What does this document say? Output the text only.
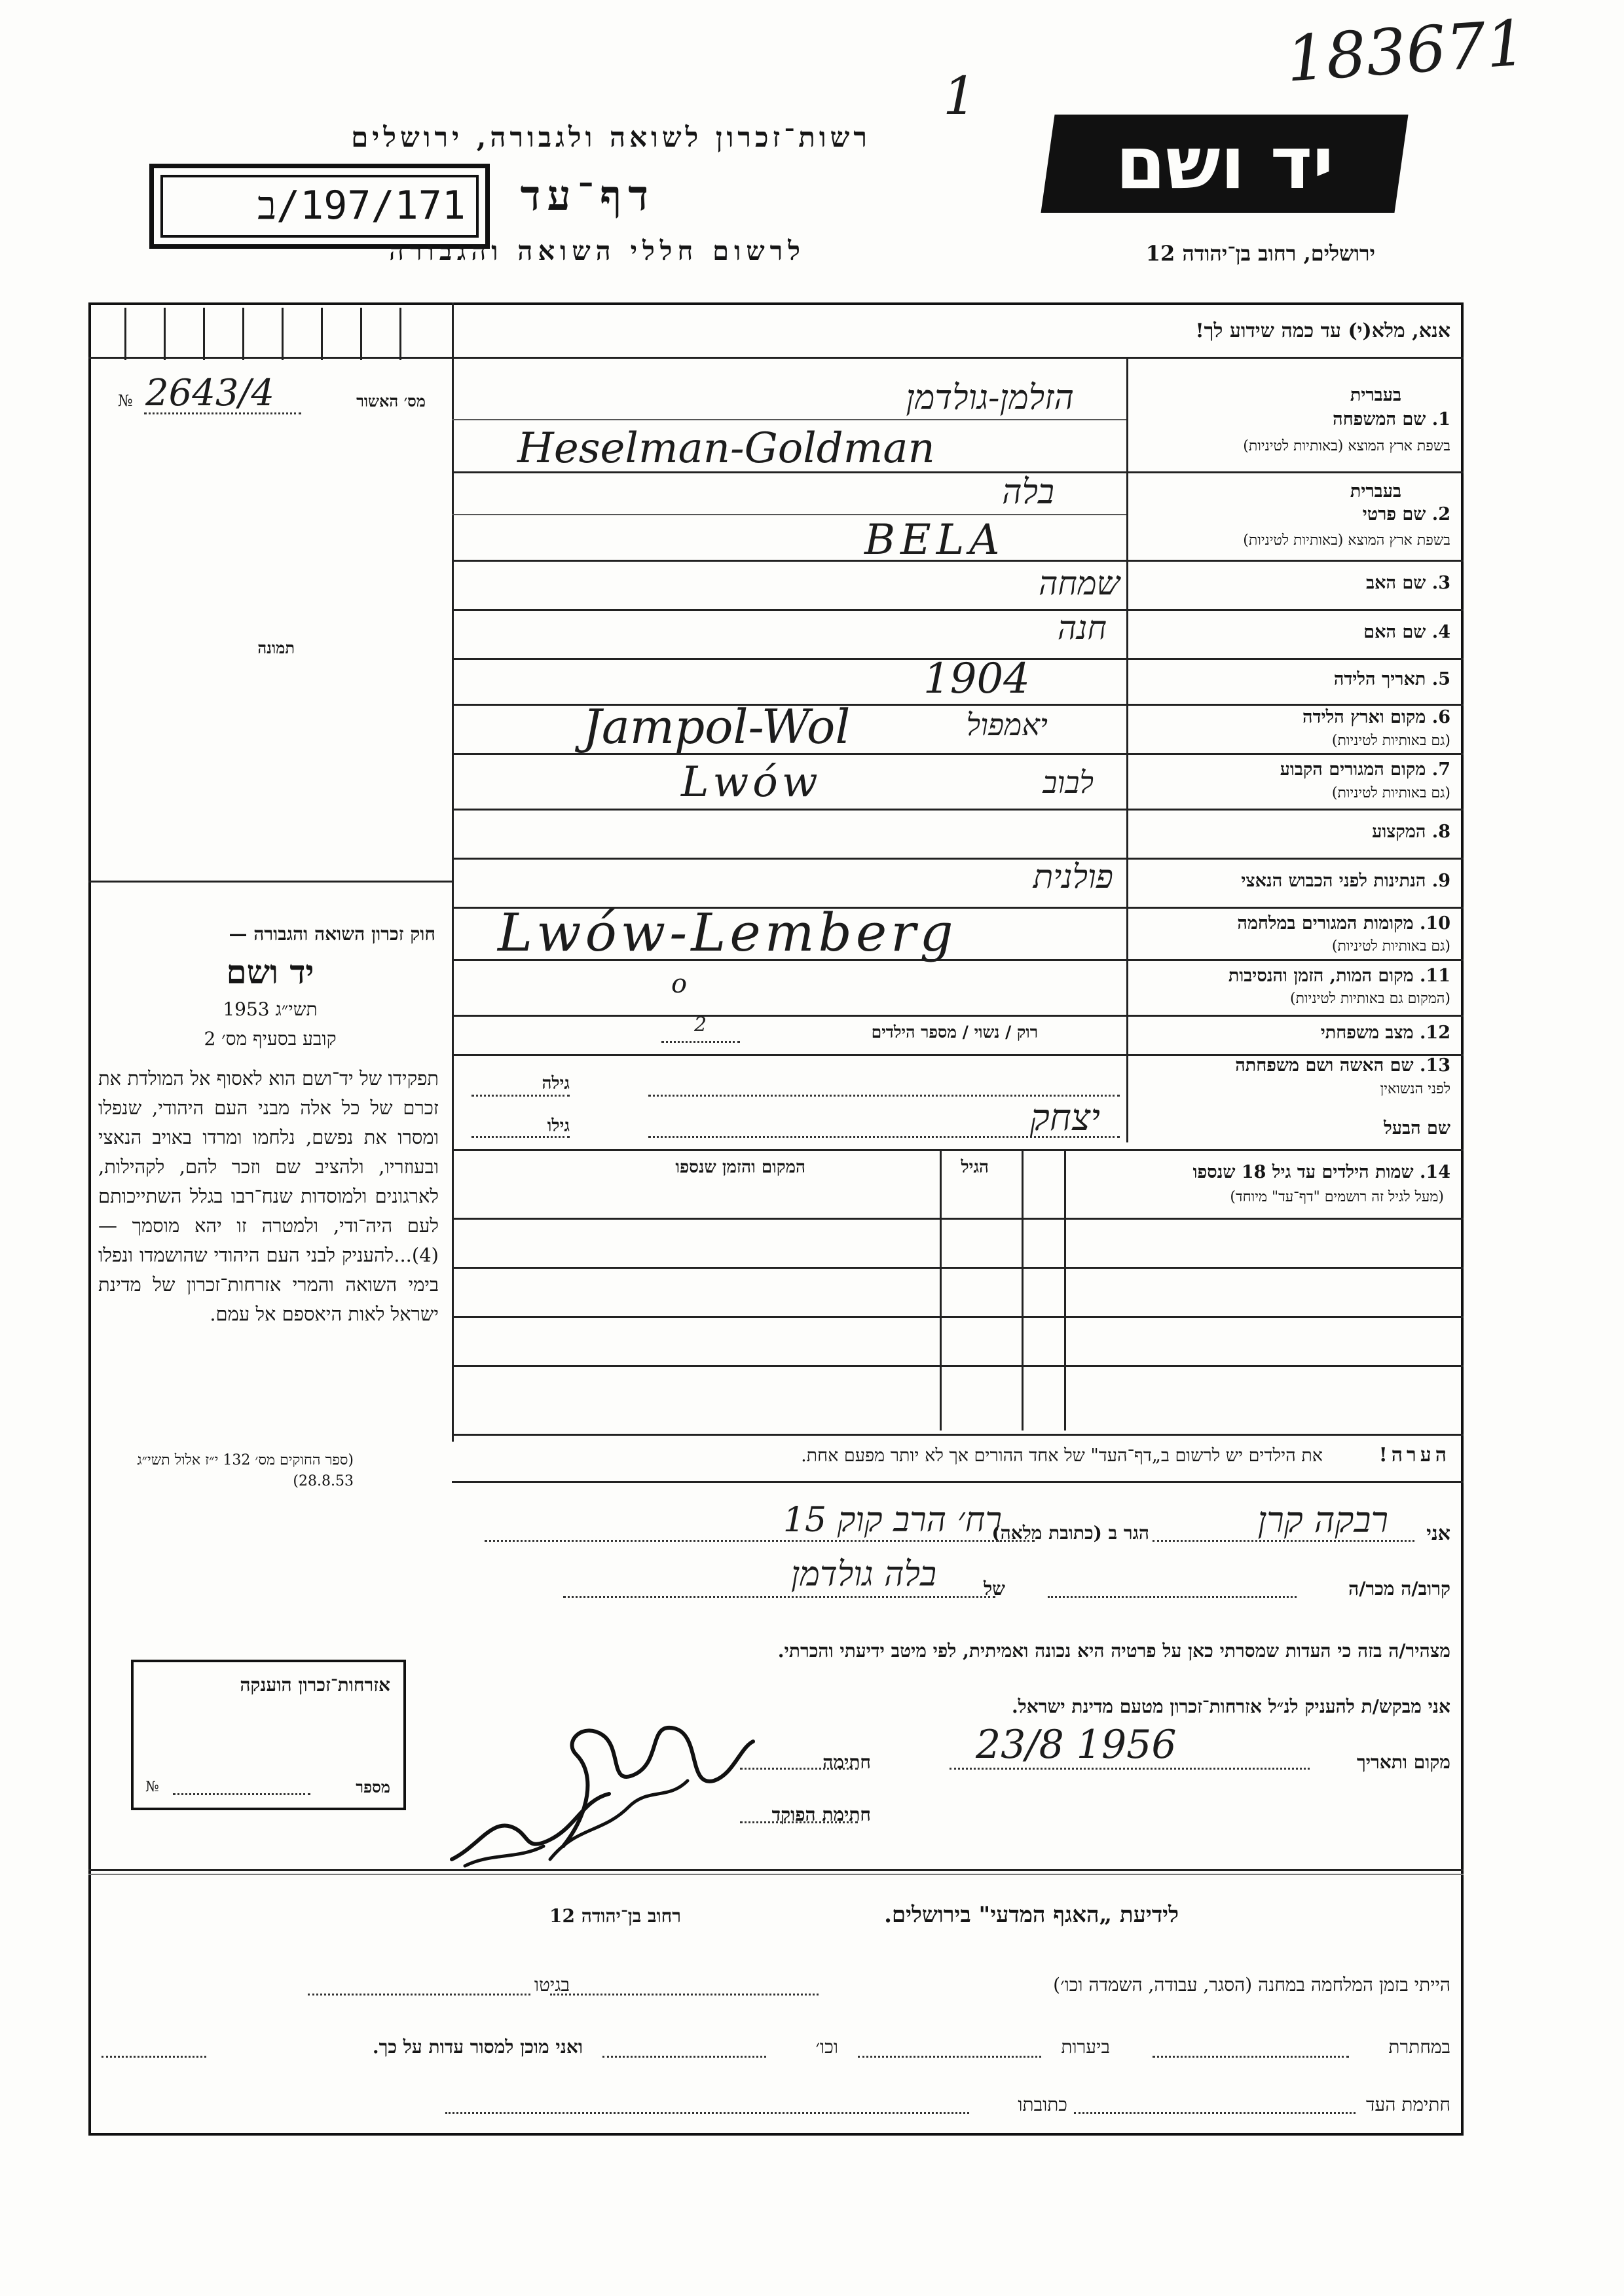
183671
1
רשות־זכרון לשואה ולגבורה, ירושלים
דף־עד
197/171/ב
לרשום חללי השואה והגבורה
יד ושם
ירושלים, רחוב בן־יהודה 12
אנא, מלא(י) עד כמה שידוע לך!
מס׳ האשור
№ 2643/4
תמונה
בעברית
1. שם המשפחה
בשפת ארץ המוצא (באותיות לטיניות)
הזלמן-גולדמן
Heselman-Goldman
בעברית
2. שם פרטי
בשפת ארץ המוצא (באותיות לטיניות)
בלה
BELA
3. שם האב
שמחה
4. שם האם
חנה
5. תאריך הלידה
1904
6. מקום וארץ הלידה
(גם באותיות לטיניות)
Jampol-Wol	יאמפול
7. מקום המגורים הקבוע
(גם באותיות לטיניות)
Lwów	לבוב
8. המקצוע
9. הנתינות לפני הכבוש הנאצי
פולנית
10. מקומות המגורים במלחמה
(גם באותיות לטיניות)
Lwów-Lemberg
11. מקום המות, הזמן והנסיבות
(המקום גם באותיות לטיניות)
o
12. מצב משפחתי
רוק / נשוי / מספר הילדים
2
13. שם האשה ושם משפחתה
לפני הנשואין
גילה
שם הבעל
גילו	יצחק
14. שמות הילדים עד גיל 18 שנספו
(מעל לגיל זה רושמים "דף־עד" מיוחד)
הגיל
המקום והזמן שנספו
הערה!
את הילדים יש לרשום ב„דף־העד" של אחד ההורים אך לא יותר מפעם אחת.
חוק זכרון השואה והגבורה —
יד ושם
תשי״ג 1953
קובע בסעיף מס׳ 2
תפקידו של יד־ושם הוא לאסוף אל המולדת את זכרם של כל אלה מבני העם היהודי, שנפלו ומסרו את נפשם, נלחמו ומרדו באויב הנאצי ובעוזריו, ולהציב שם וזכר להם, לקהילות, לארגונים ולמוסדות שנח־רבו בגלל השתייכותם לעם היה־ודי, ולמטרה זו יהא מוסמך — (4)...להעניק לבני העם היהודי שהושמדו ונפלו בימי השואה והמרי אזרחות־זכרון של מדינת ישראל לאות היאספם אל עמם.
(ספר החוקים מס׳ 132 י״ז אלול תשי״ג 28.8.53)
אני
רבקה קרן
הגר ב (כתובת מלאה)
רח׳ הרב קוק 15
קרוב/ה מכר/ה
של
בלה גולדמן
מצהיר/ה בזה כי העדות שמסרתי כאן על פרטיה היא נכונה ואמיתית, לפי מיטב ידיעתי והכרתי.
אני מבקש/ת להעניק לנ״ל אזרחות־זכרון מטעם מדינת ישראל.
מקום ותאריך
23/8 1956
חתימה
חתימת הפוקד
אזרחות־זכרון הוענקה
№	מספר
לידיעת „האגף המדעי" בירושלים.
רחוב בן־יהודה 12
הייתי בזמן המלחמה במחנה (הסגר, עבודה, השמדה וכו׳)
בגיטו
במחתרת
ביערות
וכו׳
ואני מוכן למסור עדות על כך.
חתימת העד
כתובתו
